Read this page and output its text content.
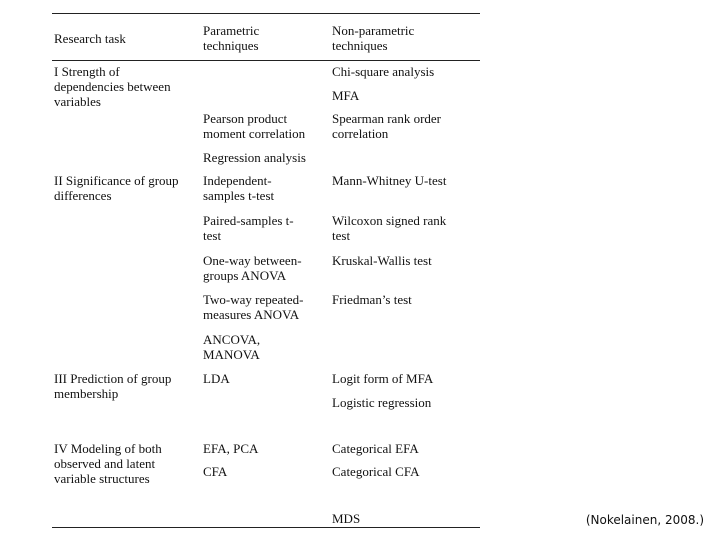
Research task
Parametric
techniques
Non-parametric
techniques
I Strength of
dependencies between
variables
II Significance of group
differences
III Prediction of group
membership
IV Modeling of both
observed and latent
variable structures
Pearson product
moment correlation
Regression analysis
Independent-
samples t-test
Paired-samples t-
test
One-way between-
groups ANOVA
Two-way repeated-
measures ANOVA
ANCOVA,
MANOVA
LDA
EFA, PCA
CFA
Chi-square analysis
MFA
Spearman rank order
correlation
Mann-Whitney U-test
Wilcoxon signed rank
test
Kruskal-Wallis test
Friedman’s test
Logit form of MFA
Logistic regression
Categorical EFA
Categorical CFA
MDS	(Nokelainen, 2008.)
